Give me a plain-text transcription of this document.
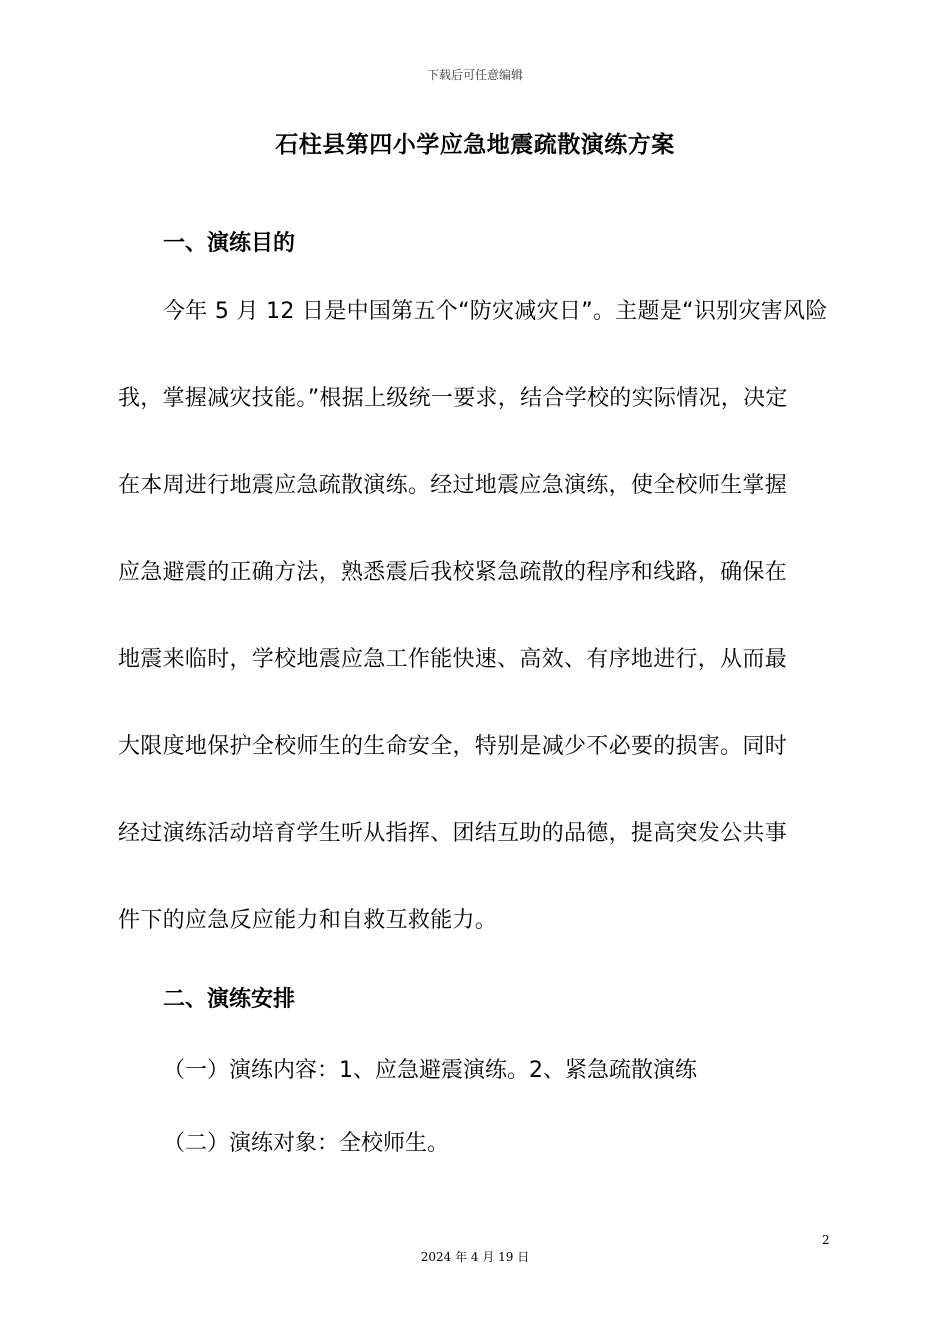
下载后可任意编辑
石柱县第四小学应急地震疏散演练方案
一、演练目的
今年 5 月 12 日是中国第五个“防灾减灾日”。主题是“识别灾害风险
我，掌握减灾技能。”根据上级统一要求，结合学校的实际情况，决定
在本周进行地震应急疏散演练。经过地震应急演练，使全校师生掌握
应急避震的正确方法，熟悉震后我校紧急疏散的程序和线路，确保在
地震来临时，学校地震应急工作能快速、高效、有序地进行，从而最
大限度地保护全校师生的生命安全，特别是减少不必要的损害。同时
经过演练活动培育学生听从指挥、团结互助的品德，提高突发公共事
件下的应急反应能力和自救互救能力。
二、演练安排
（一）演练内容：1、应急避震演练。2、紧急疏散演练
（二）演练对象：全校师生。
2
2024 年 4 月 19 日
